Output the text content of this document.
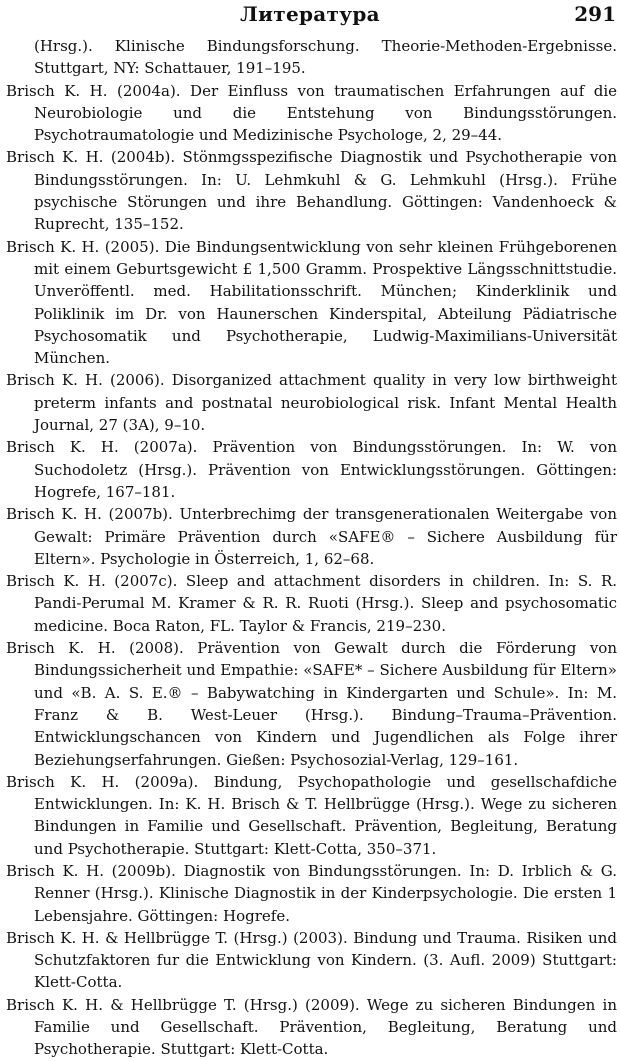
Литература	291
(Hrsg.). Klinische Bindungsforschung. Theorie-Methoden-Ergebnisse. Stuttgart, NY: Schattauer, 191–195.
Brisch K. H. (2004a). Der Einfluss von traumatischen Erfahrungen auf die Neurobiologie und die Entstehung von Bindungsstörungen. Psychotraumatologie und Medizinische Psychologe, 2, 29–44.
Brisch K. H. (2004b). Stönmgsspezifische Diagnostik und Psychotherapie von Bindungsstörungen. In: U. Lehmkuhl & G. Lehmkuhl (Hrsg.). Frühe psychische Störungen und ihre Behandlung. Göttingen: Vandenhoeck & Ruprecht, 135–152.
Brisch K. H. (2005). Die Bindungsentwicklung von sehr kleinen Frühgeborenen mit einem Geburtsgewicht £ 1,500 Gramm. Prospektive Längsschnittstudie. Unveröffentl. med. Habilitationsschrift. München; Kinderklinik und Poliklinik im Dr. von Haunerschen Kinderspital, Abteilung Pädiatrische Psychosomatik und Psychotherapie, Ludwig-Maximilians-Universität München.
Brisch K. H. (2006). Disorganized attachment quality in very low birthweight preterm infants and postnatal neurobiological risk. Infant Mental Health Journal, 27 (3A), 9–10.
Brisch K. H. (2007a). Prävention von Bindungsstörungen. In: W. von Suchodoletz (Hrsg.). Prävention von Entwicklungsstörungen. Göttingen: Hogrefe, 167–181.
Brisch K. H. (2007b). Unterbrechimg der transgenerationalen Weitergabe von Gewalt: Primäre Prävention durch «SAFE® – Sichere Ausbildung für Eltern». Psychologie in Österreich, 1, 62–68.
Brisch K. H. (2007c). Sleep and attachment disorders in children. In: S. R. Pandi-Perumal M. Kramer & R. R. Ruoti (Hrsg.). Sleep and psychosomatic medicine. Boca Raton, FL. Taylor & Francis, 219–230.
Brisch K. H. (2008). Prävention von Gewalt durch die Förderung von Bindungssicherheit und Empathie: «SAFE* – Sichere Ausbildung für Eltern» und «B. A. S. E.® – Babywatching in Kindergarten und Schule». In: M. Franz & B. West-Leuer (Hrsg.). Bindung–Trauma–Prävention. Entwicklungschancen von Kindern und Jugendlichen als Folge ihrer Beziehungserfahrungen. Gießen: Psychosozial-Verlag, 129–161.
Brisch K. H. (2009a). Bindung, Psychopathologie und gesellschafdiche Entwicklungen. In: K. H. Brisch & T. Hellbrügge (Hrsg.). Wege zu sicheren Bindungen in Familie und Gesellschaft. Prävention, Begleitung, Beratung und Psychotherapie. Stuttgart: Klett-Cotta, 350–371.
Brisch K. H. (2009b). Diagnostik von Bindungsstörungen. In: D. Irblich & G. Renner (Hrsg.). Klinische Diagnostik in der Kinderpsychologie. Die ersten 1 Lebensjahre. Göttingen: Hogrefe.
Brisch K. H. & Hellbrügge T. (Hrsg.) (2003). Bindung und Trauma. Risiken und Schutzfaktoren fur die Entwicklung von Kindern. (3. Aufl. 2009) Stuttgart: Klett-Cotta.
Brisch K. H. & Hellbrügge T. (Hrsg.) (2009). Wege zu sicheren Bindungen in Familie und Gesellschaft. Prävention, Begleitung, Beratung und Psychotherapie. Stuttgart: Klett-Cotta.
